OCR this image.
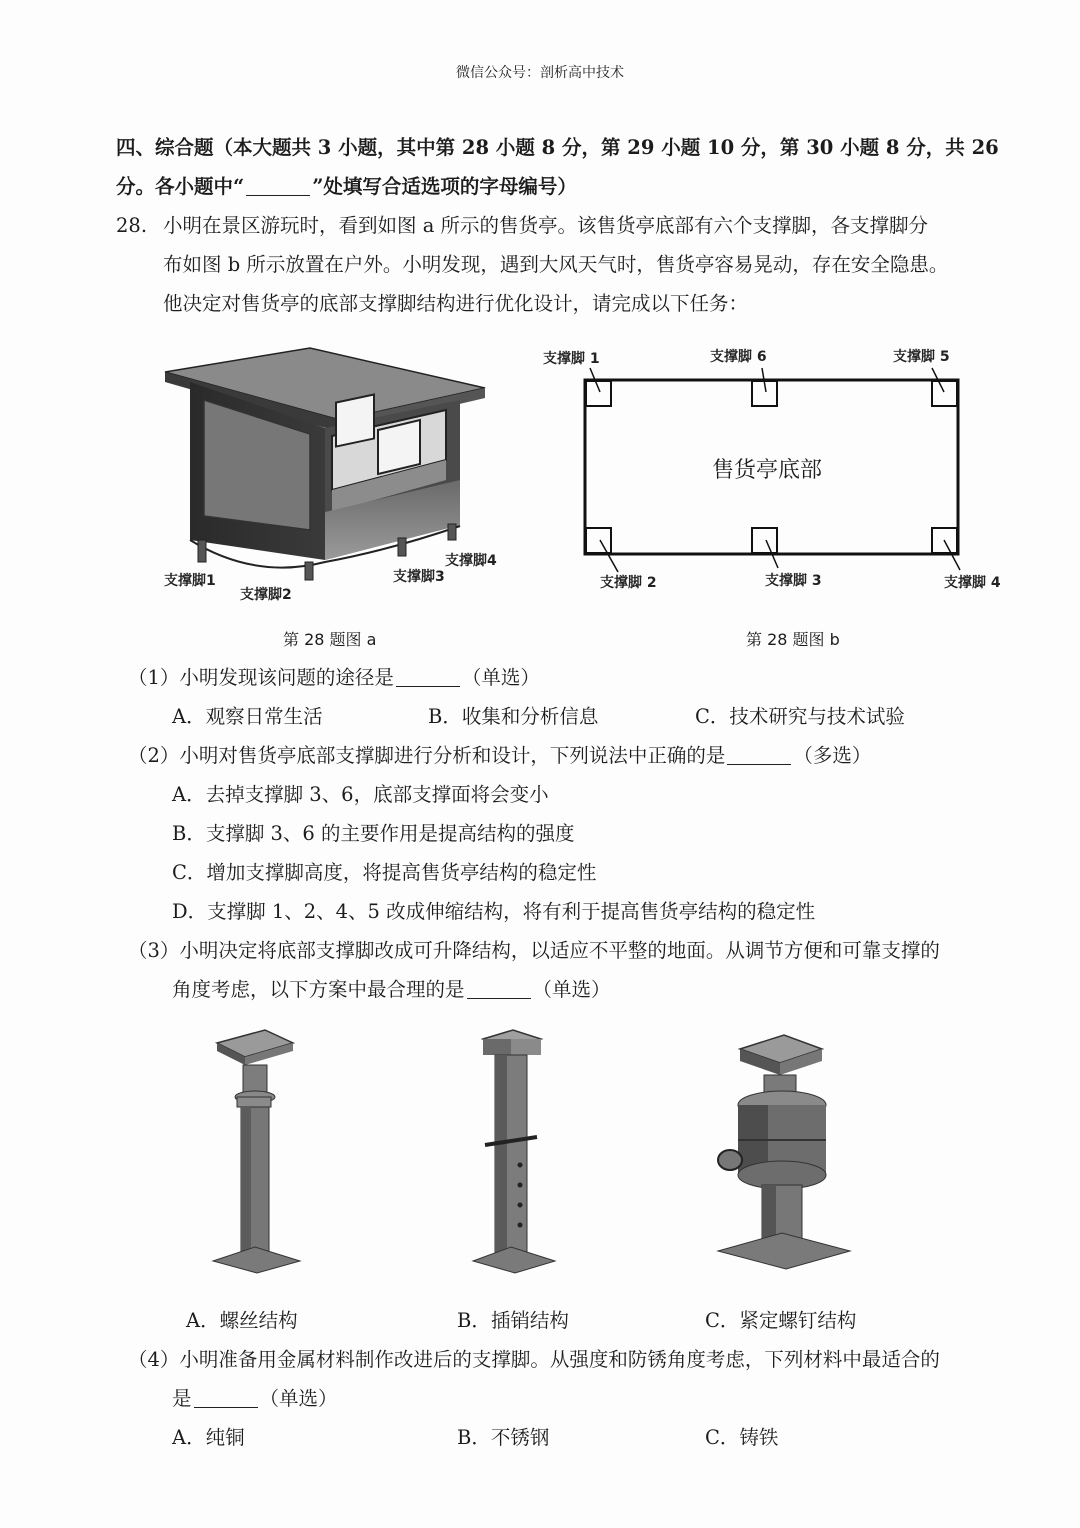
微信公众号：剖析高中技术
四、综合题（本大题共 3 小题，其中第 28 小题 8 分，第 29 小题 10 分，第 30 小题 8 分，共 26
分。各小题中“	”处填写合适选项的字母编号）
28. 小明在景区游玩时，看到如图 a 所示的售货亭。该售货亭底部有六个支撑脚，各支撑脚分
布如图 b 所示放置在户外。小明发现，遇到大风天气时，售货亭容易晃动，存在安全隐患。
他决定对售货亭的底部支撑脚结构进行优化设计，请完成以下任务：
支撑脚1
支撑脚2
支撑脚3
支撑脚4
第 28 题图 a
支撑脚 1	支撑脚 6	支撑脚 5
支撑脚 2	支撑脚 3	支撑脚 4
售货亭底部
第 28 题图 b
（1）小明发现该问题的途径是	（单选）
A．观察日常生活	B．收集和分析信息	C．技术研究与技术试验
（2）小明对售货亭底部支撑脚进行分析和设计，下列说法中正确的是	（多选）
A．去掉支撑脚 3、6，底部支撑面将会变小
B．支撑脚 3、6 的主要作用是提高结构的强度
C．增加支撑脚高度，将提高售货亭结构的稳定性
D．支撑脚 1、2、4、5 改成伸缩结构，将有利于提高售货亭结构的稳定性
（3）小明决定将底部支撑脚改成可升降结构，以适应不平整的地面。从调节方便和可靠支撑的
角度考虑，以下方案中最合理的是	（单选）
A．螺丝结构	B．插销结构	C．紧定螺钉结构
（4）小明准备用金属材料制作改进后的支撑脚。从强度和防锈角度考虑，下列材料中最适合的
是	（单选）
A．纯铜	B．不锈钢	C．铸铁
